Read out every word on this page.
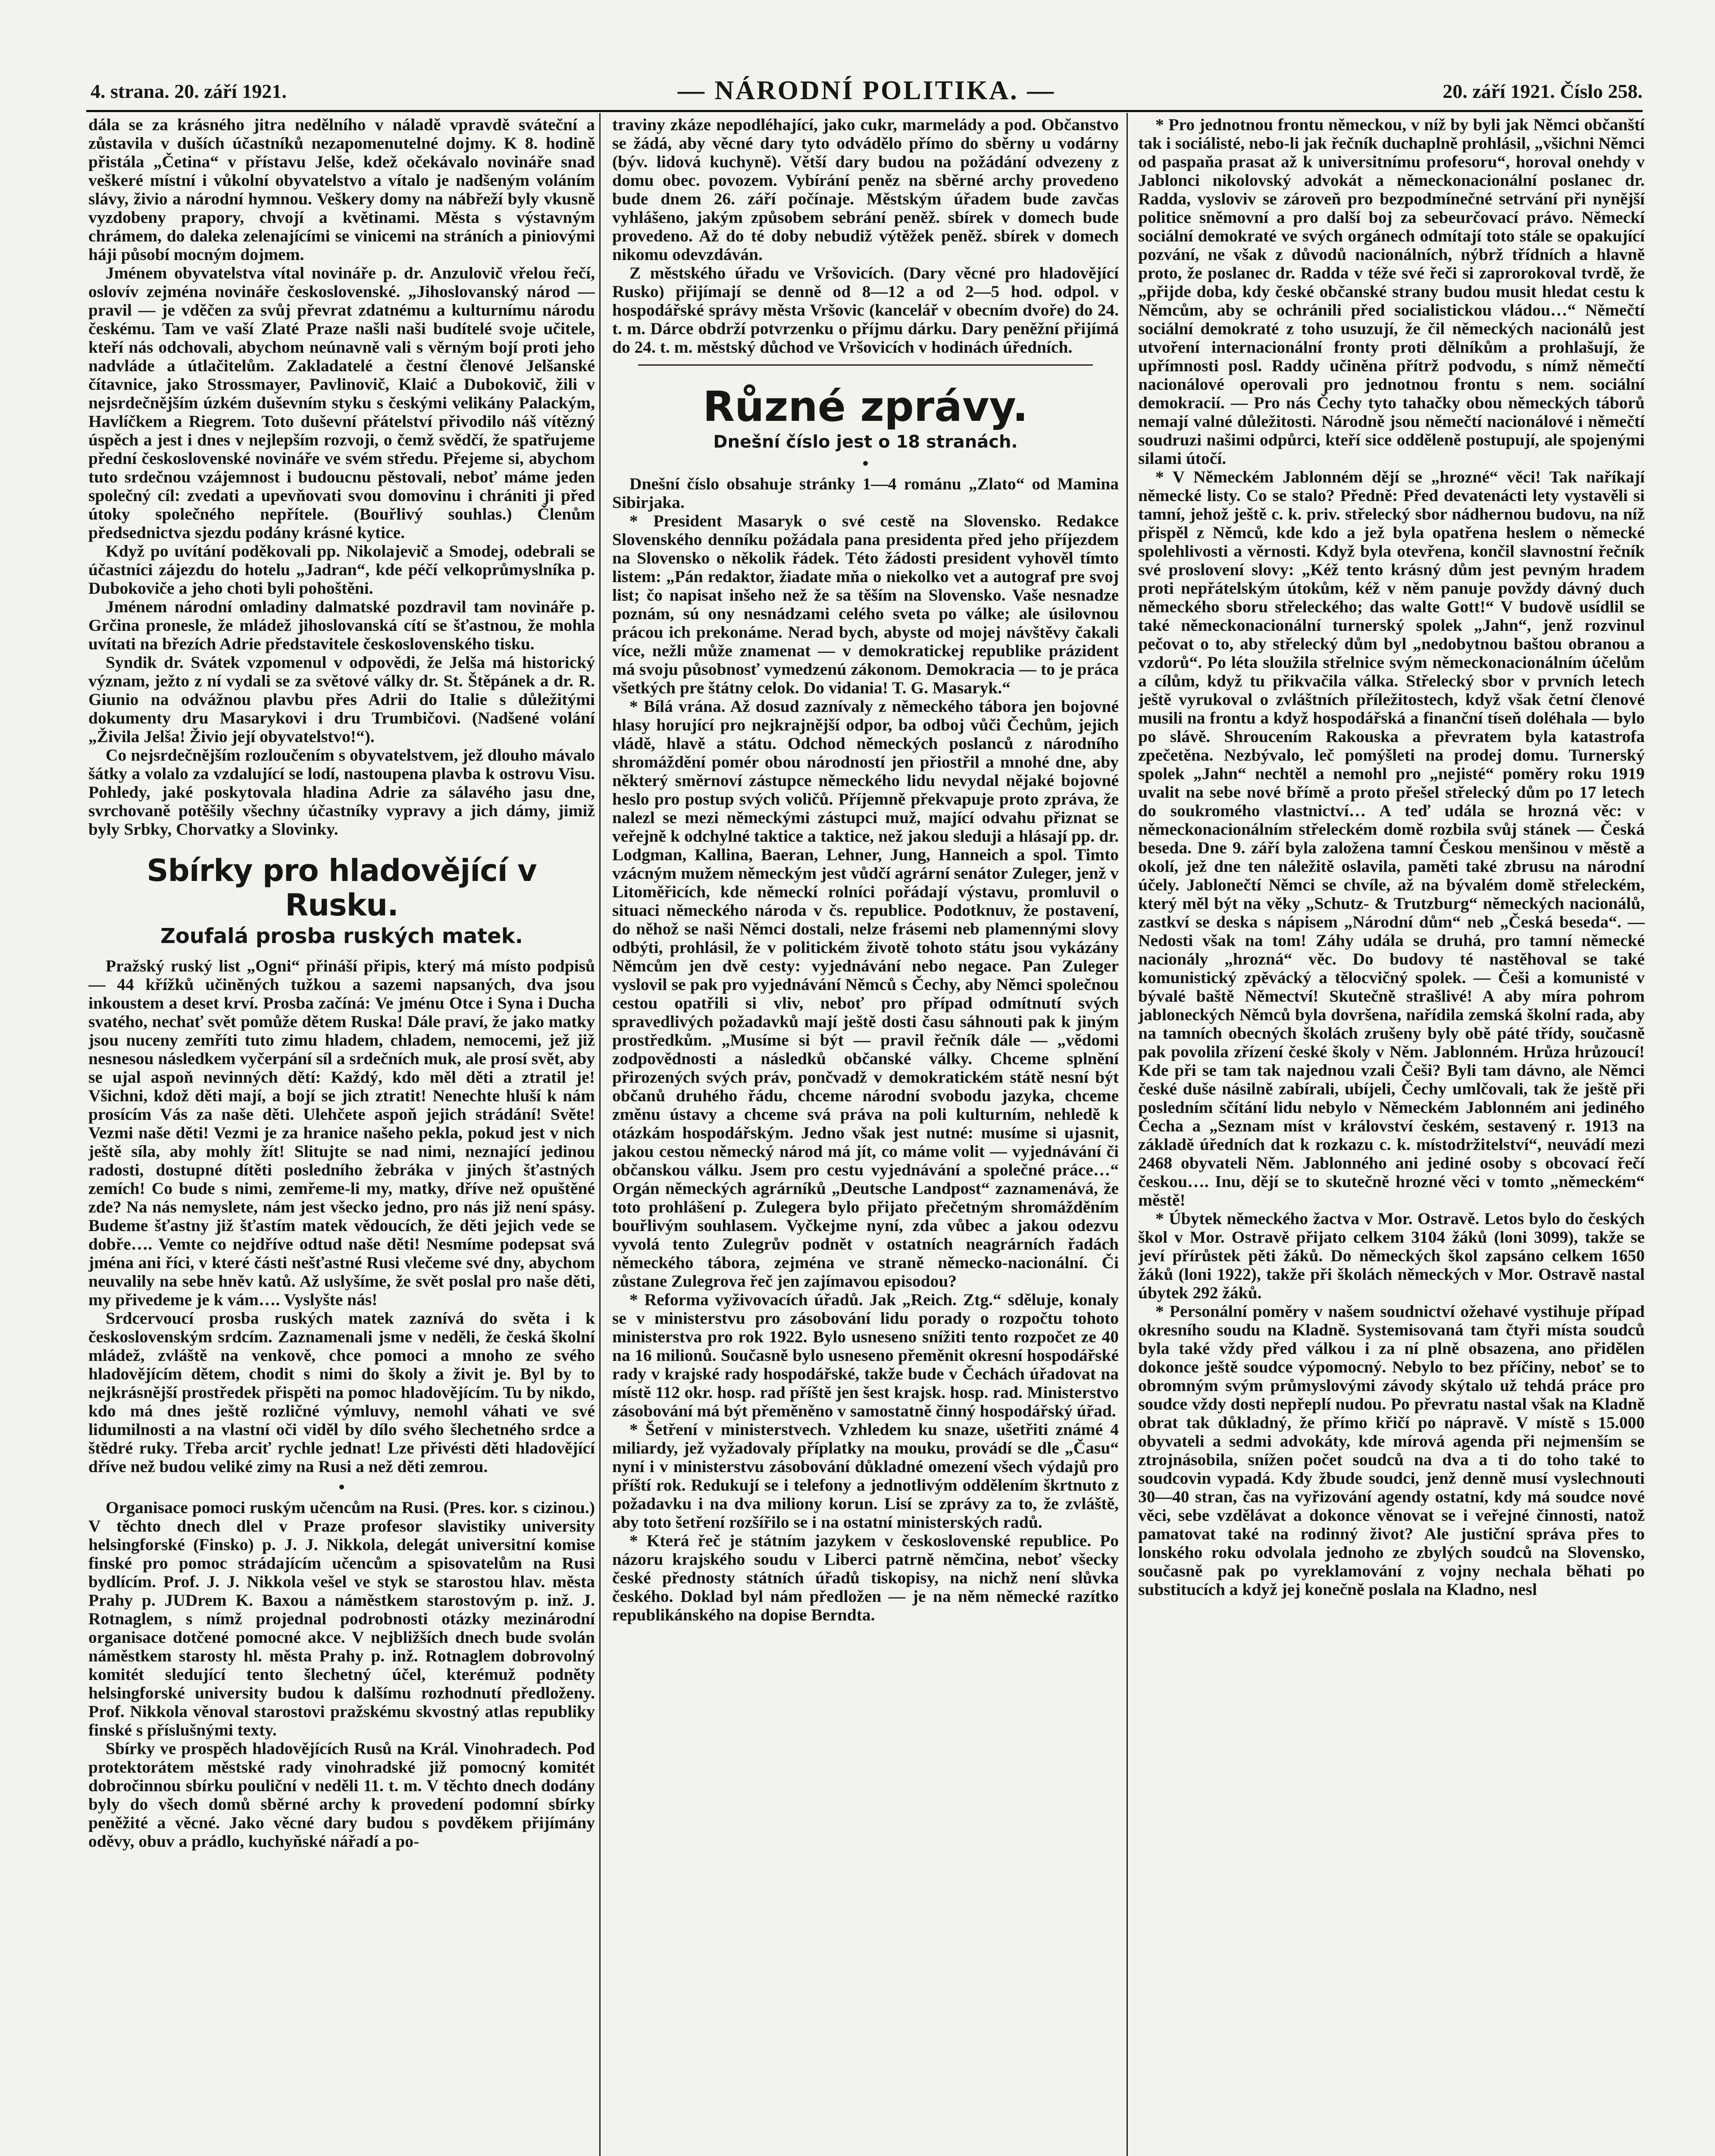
4. strana. 20. září 1921.	— NÁRODNÍ POLITIKA. —	20. září 1921. Číslo 258.

dála se za krásného jitra nedělního v náladě vpravdě sváteční a zůstavila v duších účastníků nezapomenutelné dojmy. K 8. hodině přistála „Četina“ v přístavu Jelše, kdež očekávalo novináře snad veškeré místní i vůkolní obyvatelstvo a vítalo je nadšeným voláním slávy, živio a národní hymnou. Veškery domy na nábřeží byly vkusně vyzdobeny prapory, chvojí a květinami. Města s výstavným chrámem, do daleka zelenajícími se vinicemi na stráních a piniovými háji působí mocným dojmem.

Jménem obyvatelstva vítal novináře p. dr. Anzulovič vřelou řečí, oslovív zejména novináře československé. „Jihoslovanský národ — pravil — je vděčen za svůj převrat zdatnému a kulturnímu národu českému. Tam ve vaší Zlaté Praze našli naši budítelé svoje učitele, kteří nás odchovali, abychom neúnavně vali s věrným bojí proti jeho nadvláde a útlačitelům. Zakladatelé a čestní členové Jelšanské čítavnice, jako Strossmayer, Pavlinovič, Klaić a Dubokovič, žili v nejsrdečnějším úzkém duševním styku s českými velikány Palackým, Havlíčkem a Riegrem. Toto duševní přátelství přivodilo náš vítězný úspěch a jest i dnes v nejlepším rozvoji, o čemž svědčí, že spatřujeme přední československé novináře ve svém středu. Přejeme si, abychom tuto srdečnou vzájemnost i budoucnu pěstovali, neboť máme jeden společný cíl: zvedati a upevňovati svou domovinu i chrániti ji před útoky společného nepřítele. (Bouřlivý souhlas.) Členům předsednictva sjezdu podány krásné kytice.

Když po uvítání poděkovali pp. Nikolajevič a Smodej, odebrali se účastníci zájezdu do hotelu „Jadran“, kde péčí velkoprůmyslníka p. Dubokoviče a jeho choti byli pohoštěni.

Jménem národní omladiny dalmatské pozdravil tam novináře p. Grčina pronesle, že mládež jihoslovanská cítí se šťastnou, že mohla uvítati na březích Adrie představitele československého tisku.

Syndik dr. Svátek vzpomenul v odpovědi, že Jelša má historický význam, ježto z ní vydali se za světové války dr. St. Štěpánek a dr. R. Giunio na odvážnou plavbu přes Adrii do Italie s důležitými dokumenty dru Masarykovi i dru Trumbičovi. (Nadšené volání „Živila Jelša! Živio její obyvatelstvo!“).

Co nejsrdečnějším rozloučením s obyvatelstvem, jež dlouho mávalo šátky a volalo za vzdalující se lodí, nastoupena plavba k ostrovu Visu. Pohledy, jaké poskytovala hladina Adrie za sálavého jasu dne, svrchovaně potěšily všechny účastníky vypravy a jich dámy, jimiž byly Srbky, Chorvatky a Slovinky.

Sbírky pro hladovějící v Rusku.
Zoufalá prosba ruských matek.

Pražský ruský list „Ogni“ přináší připis, který má místo podpisů — 44 křížků učiněných tužkou a sazemi napsaných, dva jsou inkoustem a deset krví. Prosba začíná: Ve jménu Otce i Syna i Ducha svatého, nechať svět pomůže dětem Ruska! Dále praví, že jako matky jsou nuceny zemříti tuto zimu hladem, chladem, nemocemi, jež již nesnesou následkem vyčerpání síl a srdečních muk, ale prosí svět, aby se ujal aspoň nevinných dětí: Každý, kdo měl děti a ztratil je! Všichni, kdož děti mají, a bojí se jich ztratit! Nenechte hluší k nám prosícím Vás za naše děti. Ulehčete aspoň jejich strádání! Světe! Vezmi naše děti! Vezmi je za hranice našeho pekla, pokud jest v nich ještě síla, aby mohly žít! Slitujte se nad nimi, neznající jedinou radosti, dostupné dítěti posledního žebráka v jiných šťastných zemích! Co bude s nimi, zemřeme-li my, matky, dříve než opuštěné zde? Na nás nemyslete, nám jest všecko jedno, pro nás již není spásy. Budeme šťastny již šťastím matek vědoucích, že děti jejich vede se dobře…. Vemte co nejdříve odtud naše děti! Nesmíme podepsat svá jména ani říci, v které části nešťastné Rusi vlečeme své dny, abychom neuvalily na sebe hněv katů. Až uslyšíme, že svět poslal pro naše děti, my přivedeme je k vám…. Vyslyšte nás!

Srdcervoucí prosba ruských matek zaznívá do světa i k československým srdcím. Zaznamenali jsme v neděli, že česká školní mládež, zvláště na venkově, chce pomoci a mnoho ze svého hladovějícím dětem, chodit s nimi do školy a živit je. Byl by to nejkrásnější prostředek přispěti na pomoc hladovějícím. Tu by nikdo, kdo má dnes ještě rozličné výmluvy, nemohl váhati ve své lidumilnosti a na vlastní oči viděl by dílo svého šlechetného srdce a štědré ruky. Třeba arciť rychle jednat! Lze přivésti děti hladovějící dříve než budou veliké zimy na Rusi a než děti zemrou.

•

Organisace pomoci ruským učencům na Rusi. (Pres. kor. s cizinou.) V těchto dnech dlel v Praze profesor slavistiky university helsingforské (Finsko) p. J. J. Nikkola, delegát universitní komise finské pro pomoc strádajícím učencům a spisovatelům na Rusi bydlícím. Prof. J. J. Nikkola vešel ve styk se starostou hlav. města Prahy p. JUDrem K. Baxou a náměstkem starostovým p. inž. J. Rotnaglem, s nímž projednal podrobnosti otázky mezinárodní organisace dotčené pomocné akce. V nejbližších dnech bude svolán náměstkem starosty hl. města Prahy p. inž. Rotnaglem dobrovolný komitét sledující tento šlechetný účel, kterémuž podněty helsingforské university budou k dalšímu rozhodnutí předloženy. Prof. Nikkola věnoval starostovi pražskému skvostný atlas republiky finské s příslušnými texty.

Sbírky ve prospěch hladovějících Rusů na Král. Vinohradech. Pod protektorátem městské rady vinohradské již pomocný komitét dobročinnou sbírku pouliční v neděli 11. t. m. V těchto dnech dodány byly do všech domů sběrné archy k provedení podomní sbírky peněžité a věcné. Jako věcné dary budou s povděkem přijímány oděvy, obuv a prádlo, kuchyňské nářadí a po-

traviny zkáze nepodléhající, jako cukr, marmelády a pod. Občanstvo se žádá, aby věcné dary tyto odvádělo přímo do sběrny u vodárny (býv. lidová kuchyně). Větší dary budou na požádání odvezeny z domu obec. povozem. Vybírání peněz na sběrné archy provedeno bude dnem 26. září počínaje. Městským úřadem bude zavčas vyhlášeno, jakým způsobem sebrání peněž. sbírek v domech bude provedeno. Až do té doby nebudiž výtěžek peněž. sbírek v domech nikomu odevzdáván.

Z městského úřadu ve Vršovicích. (Dary věcné pro hladovějící Rusko) přijímají se denně od 8—12 a od 2—5 hod. odpol. v hospodářské správy města Vršovic (kancelář v obecním dvoře) do 24. t. m. Dárce obdrží potvrzenku o příjmu dárku. Dary peněžní přijímá do 24. t. m. městský důchod ve Vršovicích v hodinách úředních.

Různé zprávy.
Dnešní číslo jest o 18 stranách.
•

Dnešní číslo obsahuje stránky 1—4 románu „Zlato“ od Mamina Sibirjaka.

* President Masaryk o své cestě na Slovensko. Redakce Slovenského denníku požádala pana presidenta před jeho příjezdem na Slovensko o několik řádek. Této žádosti president vyhověl tímto listem: „Pán redaktor, žiadate mňa o niekolko vet a autograf pre svoj list; čo napisat inšeho než že sa těším na Slovensko. Vaše nesnadze poznám, sú ony nesnádzami celého sveta po válke; ale úsilovnou prácou ich prekonáme. Nerad bych, abyste od mojej návštěvy čakali více, nežli může znamenat — v demokratickej republike prázident má svoju působnosť vymedzenú zákonom. Demokracia — to je práca všetkých pre štátny celok. Do vidania! T. G. Masaryk.“

* Bílá vrána. Až dosud zaznívaly z německého tábora jen bojovné hlasy horující pro nejkrajnější odpor, ba odboj vůči Čechům, jejich vládě, hlavě a státu. Odchod německých poslanců z národního shromáždění pomér obou národností jen přiostřil a mnohé dne, aby některý směrnoví zástupce německého lidu nevydal nějaké bojovné heslo pro postup svých voličů. Příjemně překvapuje proto zpráva, že nalezl se mezi německými zástupci muž, mající odvahu přiznat se veřejně k odchylné taktice a taktice, než jakou sleduji a hlásají pp. dr. Lodgman, Kallina, Baeran, Lehner, Jung, Hanneich a spol. Timto vzácným mužem německým jest vůdčí agrární senátor Zuleger, jenž v Litoměřicích, kde německí rolníci pořádají výstavu, promluvil o situaci německého národa v čs. republice. Podotknuv, že postavení, do něhož se naši Němci dostali, nelze frásemi neb plamennými slovy odbýti, prohlásil, že v politickém životě tohoto státu jsou vykázány Němcům jen dvě cesty: vyjednávání nebo negace. Pan Zuleger vyslovil se pak pro vyjednávání Němců s Čechy, aby Němci společnou cestou opatřili si vliv, neboť pro případ odmítnutí svých spravedlivých požadavků mají ještě dosti času sáhnouti pak k jiným prostředkům. „Musíme si být — pravil řečník dále — „vědomi zodpovědnosti a následků občanské války. Chceme splnění přirozených svých práv, pončvadž v demokratickém státě nesní být občanů druhého řádu, chceme národní svobodu jazyka, chceme změnu ústavy a chceme svá práva na poli kulturním, nehledě k otázkám hospodářským. Jedno však jest nutné: musíme si ujasnit, jakou cestou německý národ má jít, co máme volit — vyjednávání či občanskou válku. Jsem pro cestu vyjednávání a společné práce…“ Orgán německých agrárníků „Deutsche Landpost“ zaznamenává, že toto prohlášení p. Zulegera bylo přijato přečetným shromážděním bouřlivým souhlasem. Vyčkejme nyní, zda vůbec a jakou odezvu vyvolá tento Zulegrův podnět v ostatních neagrárních řadách německého tábora, zejména ve straně německo-nacionální. Či zůstane Zulegrova řeč jen zajímavou episodou?

* Reforma vyživovacích úřadů. Jak „Reich. Ztg.“ sděluje, konaly se v ministerstvu pro zásobování lidu porady o rozpočtu tohoto ministerstva pro rok 1922. Bylo usneseno snížiti tento rozpočet ze 40 na 16 milionů. Současně bylo usneseno přeměnit okresní hospodářské rady v krajské rady hospodářské, takže bude v Čechách úřadovat na místě 112 okr. hosp. rad příště jen šest krajsk. hosp. rad. Ministerstvo zásobování má být přeměněno v samostatně činný hospodářský úřad.

* Šetření v ministerstvech. Vzhledem ku snaze, ušetřiti známé 4 miliardy, jež vyžadovaly příplatky na mouku, provádí se dle „Času“ nyní i v ministerstvu zásobování důkladné omezení všech výdajů pro příští rok. Redukují se i telefony a jednotlivým oddělením škrtnuto z požadavku i na dva miliony korun. Lisí se zprávy za to, že zvláště, aby toto šetření rozšířilo se i na ostatní ministerských radů.

* Která řeč je státním jazykem v československé republice. Po názoru krajského soudu v Liberci patrně němčina, neboť všecky české přednosty státních úřadů tiskopisy, na nichž není slůvka českého. Doklad byl nám předložen — je na něm německé razítko republikánského na dopise Berndta.

* Pro jednotnou frontu německou, v níž by byli jak Němci občanští tak i sociálisté, nebo-li jak řečník duchaplně prohlásil, „všichni Němci od paspaňa prasat až k universitnímu profesoru“, horoval onehdy v Jablonci nikolovský advokát a německonacionální poslanec dr. Radda, vysloviv se zároveň pro bezpodmínečné setrvání při nynější politice sněmovní a pro další boj za sebeurčovací právo. Německí sociální demokraté ve svých orgánech odmítají toto stále se opakující pozvání, ne však z důvodů nacionálních, nýbrž třídních a hlavně proto, že poslanec dr. Radda v téže své řeči si zaprorokoval tvrdě, že „přijde doba, kdy české občanské strany budou musit hledat cestu k Němcům, aby se ochránili před socialistickou vládou…“ Němečtí sociální demokraté z toho usuzují, že čil německých nacionálů jest utvoření internacionální fronty proti dělníkům a prohlašují, že upřímnosti posl. Raddy učiněna přítrž podvodu, s nímž němečtí nacionálové operovali pro jednotnou frontu s nem. sociální demokracií. — Pro nás Čechy tyto tahačky obou německých táborů nemají valné důležitosti. Národně jsou němečtí nacionálové i němečtí soudruzi našimi odpůrci, kteří sice odděleně postupují, ale spojenými silami útočí.

* V Německém Jablonném dějí se „hrozné“ věci! Tak naříkají německé listy. Co se stalo? Předně: Před devatenácti lety vystavěli si tamní, jehož ještě c. k. priv. střelecký sbor nádhernou budovu, na níž přispěl z Němců, kde kdo a jež byla opatřena heslem o německé spolehlivosti a věrnosti. Když byla otevřena, končil slavnostní řečník své proslovení slovy: „Kéž tento krásný dům jest pevným hradem proti nepřátelským útokům, kéž v něm panuje povždy dávný duch německého sboru střeleckého; das walte Gott!“ V budově usídlil se také německonacionální turnerský spolek „Jahn“, jenž rozvinul pečovat o to, aby střelecký dům byl „nedobytnou baštou obranou a vzdorů“. Po léta sloužila střelnice svým německonacionálním účelům a cílům, když tu přikvačila válka. Střelecký sbor v prvních letech ještě vyrukoval o zvláštních příležitostech, když však četní členové musili na frontu a když hospodářská a finanční tíseň doléhala — bylo po slávě. Shroucením Rakouska a převratem byla katastrofa zpečetěna. Nezbývalo, leč pomýšleti na prodej domu. Turnerský spolek „Jahn“ nechtěl a nemohl pro „nejisté“ poměry roku 1919 uvalit na sebe nové břímě a proto přešel střelecký dům po 17 letech do soukromého vlastnictví… A teď udála se hrozná věc: v německonacionálním střeleckém domě rozbila svůj stánek — Česká beseda. Dne 9. září byla založena tamní Českou menšinou v městě a okolí, jež dne ten náležitě oslavila, paměti také zbrusu na národní účely. Jablonečtí Němci se chvíle, až na bývalém domě střeleckém, který měl být na věky „Schutz- & Trutzburg“ německých nacionálů, zastkví se deska s nápisem „Národní dům“ neb „Česká beseda“. — Nedosti však na tom! Záhy udála se druhá, pro tamní německé nacionály „hrozná“ věc. Do budovy té nastěhoval se také komunistický zpěvácký a tělocvičný spolek. — Češi a komunisté v bývalé baště Němectví! Skutečně strašlivé! A aby míra pohrom jabloneckých Němců byla dovršena, nařídila zemská školní rada, aby na tamních obecných školách zrušeny byly obě páté třídy, současně pak povolila zřízení české školy v Něm. Jablonném. Hrůza hrůzoucí! Kde při se tam tak najednou vzali Češi? Byli tam dávno, ale Němci české duše násilně zabírali, ubíjeli, Čechy umlčovali, tak že ještě při posledním sčítání lidu nebylo v Německém Jablonném ani jediného Čecha a „Seznam míst v království českém, sestavený r. 1913 na základě úředních dat k rozkazu c. k. místodržitelství“, neuvádí mezi 2468 obyvateli Něm. Jablonného ani jediné osoby s obcovací řečí českou…. Inu, dějí se to skutečně hrozné věci v tomto „německém“ městě!

* Úbytek německého žactva v Mor. Ostravě. Letos bylo do českých škol v Mor. Ostravě přijato celkem 3104 žáků (loni 3099), takže se jeví přírůstek pěti žáků. Do německých škol zapsáno celkem 1650 žáků (loni 1922), takže při školách německých v Mor. Ostravě nastal úbytek 292 žáků.

* Personální poměry v našem soudnictví ožehavé vystihuje případ okresního soudu na Kladně. Systemisovaná tam čtyři místa soudců byla také vždy před válkou i za ní plně obsazena, ano přidělen dokonce ještě soudce výpomocný. Nebylo to bez příčiny, neboť se to obromným svým průmyslovými závody skýtalo už tehdá práce pro soudce vždy dosti nepřeplí nudou. Po převratu nastal však na Kladně obrat tak důkladný, že přímo křičí po nápravě. V místě s 15.000 obyvateli a sedmi advokáty, kde mírová agenda při nejmenším se ztrojnásobila, snížen počet soudců na dva a ti do toho také to soudcovin vypadá. Kdy žbude soudci, jenž denně musí vyslechnouti 30—40 stran, čas na vyřizování agendy ostatní, kdy má soudce nové věci, sebe vzdělávat a dokonce věnovat se i veřejné činnosti, natož pamatovat také na rodinný život? Ale justiční správa přes to lonského roku odvolala jednoho ze zbylých soudců na Slovensko, současně pak po vyreklamování z vojny nechala běhati po substitucích a když jej konečně poslala na Kladno, nesl
